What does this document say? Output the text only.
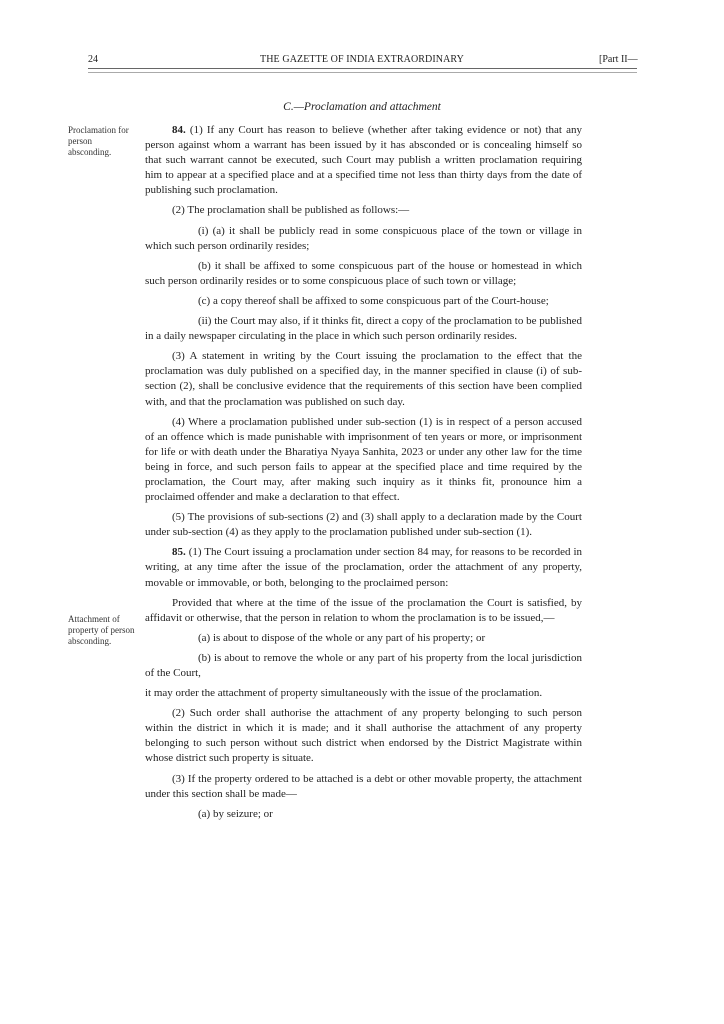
24	THE GAZETTE OF INDIA EXTRAORDINARY	[Part II—
C.—Proclamation and attachment
Proclamation for person absconding.
Attachment of property of person absconding.

84. (1) If any Court has reason to believe (whether after taking evidence or not) that any person against whom a warrant has been issued by it has absconded or is concealing himself so that such warrant cannot be executed, such Court may publish a written proclamation requiring him to appear at a specified place and at a specified time not less than thirty days from the date of publishing such proclamation.

(2) The proclamation shall be published as follows:—

(i) (a) it shall be publicly read in some conspicuous place of the town or village in which such person ordinarily resides;

(b) it shall be affixed to some conspicuous part of the house or homestead in which such person ordinarily resides or to some conspicuous place of such town or village;

(c) a copy thereof shall be affixed to some conspicuous part of the Court-house;

(ii) the Court may also, if it thinks fit, direct a copy of the proclamation to be published in a daily newspaper circulating in the place in which such person ordinarily resides.

(3) A statement in writing by the Court issuing the proclamation to the effect that the proclamation was duly published on a specified day, in the manner specified in clause (i) of sub-section (2), shall be conclusive evidence that the requirements of this section have been complied with, and that the proclamation was published on such day.

(4) Where a proclamation published under sub-section (1) is in respect of a person accused of an offence which is made punishable with imprisonment of ten years or more, or imprisonment for life or with death under the Bharatiya Nyaya Sanhita, 2023 or under any other law for the time being in force, and such person fails to appear at the specified place and time required by the proclamation, the Court may, after making such inquiry as it thinks fit, pronounce him a proclaimed offender and make a declaration to that effect.

(5) The provisions of sub-sections (2) and (3) shall apply to a declaration made by the Court under sub-section (4) as they apply to the proclamation published under sub-section (1).

85. (1) The Court issuing a proclamation under section 84 may, for reasons to be recorded in writing, at any time after the issue of the proclamation, order the attachment of any property, movable or immovable, or both, belonging to the proclaimed person:

Provided that where at the time of the issue of the proclamation the Court is satisfied, by affidavit or otherwise, that the person in relation to whom the proclamation is to be issued,—

(a) is about to dispose of the whole or any part of his property; or

(b) is about to remove the whole or any part of his property from the local jurisdiction of the Court,

it may order the attachment of property simultaneously with the issue of the proclamation.

(2) Such order shall authorise the attachment of any property belonging to such person within the district in which it is made; and it shall authorise the attachment of any property belonging to such person without such district when endorsed by the District Magistrate within whose district such property is situate.

(3) If the property ordered to be attached is a debt or other movable property, the attachment under this section shall be made—

(a) by seizure; or
